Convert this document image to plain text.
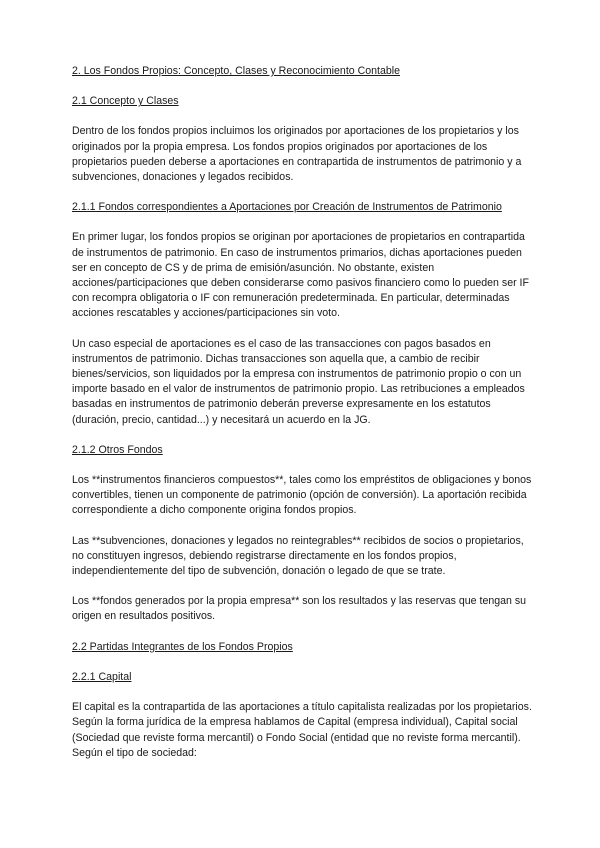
2. Los Fondos Propios: Concepto, Clases y Reconocimiento Contable
2.1 Concepto y Clases

Dentro de los fondos propios incluimos los originados por aportaciones de los propietarios y los originados por la propia empresa. Los fondos propios originados por aportaciones de los propietarios pueden deberse a aportaciones en contrapartida de instrumentos de patrimonio y a subvenciones, donaciones y legados recibidos.

2.1.1 Fondos correspondientes a Aportaciones por Creación de Instrumentos de Patrimonio

En primer lugar, los fondos propios se originan por aportaciones de propietarios en contrapartida de instrumentos de patrimonio. En caso de instrumentos primarios, dichas aportaciones pueden ser en concepto de CS y de prima de emisión/asunción. No obstante, existen acciones/participaciones que deben considerarse como pasivos financiero como lo pueden ser IF con recompra obligatoria o IF con remuneración predeterminada. En particular, determinadas acciones rescatables y acciones/participaciones sin voto.

Un caso especial de aportaciones es el caso de las transacciones con pagos basados en instrumentos de patrimonio. Dichas transacciones son aquella que, a cambio de recibir bienes/servicios, son liquidados por la empresa con instrumentos de patrimonio propio o con un importe basado en el valor de instrumentos de patrimonio propio. Las retribuciones a empleados basadas en instrumentos de patrimonio deberán preverse expresamente en los estatutos (duración, precio, cantidad...) y necesitará un acuerdo en la JG.

2.1.2 Otros Fondos

Los **instrumentos financieros compuestos**, tales como los empréstitos de obligaciones y bonos convertibles, tienen un componente de patrimonio (opción de conversión). La aportación recibida correspondiente a dicho componente origina fondos propios.

Las **subvenciones, donaciones y legados no reintegrables** recibidos de socios o propietarios, no constituyen ingresos, debiendo registrarse directamente en los fondos propios, independientemente del tipo de subvención, donación o legado de que se trate.

Los **fondos generados por la propia empresa** son los resultados y las reservas que tengan su origen en resultados positivos.

2.2 Partidas Integrantes de los Fondos Propios
2.2.1 Capital

El capital es la contrapartida de las aportaciones a título capitalista realizadas por los propietarios. Según la forma jurídica de la empresa hablamos de Capital (empresa individual), Capital social (Sociedad que reviste forma mercantil) o Fondo Social (entidad que no reviste forma mercantil). Según el tipo de sociedad:
